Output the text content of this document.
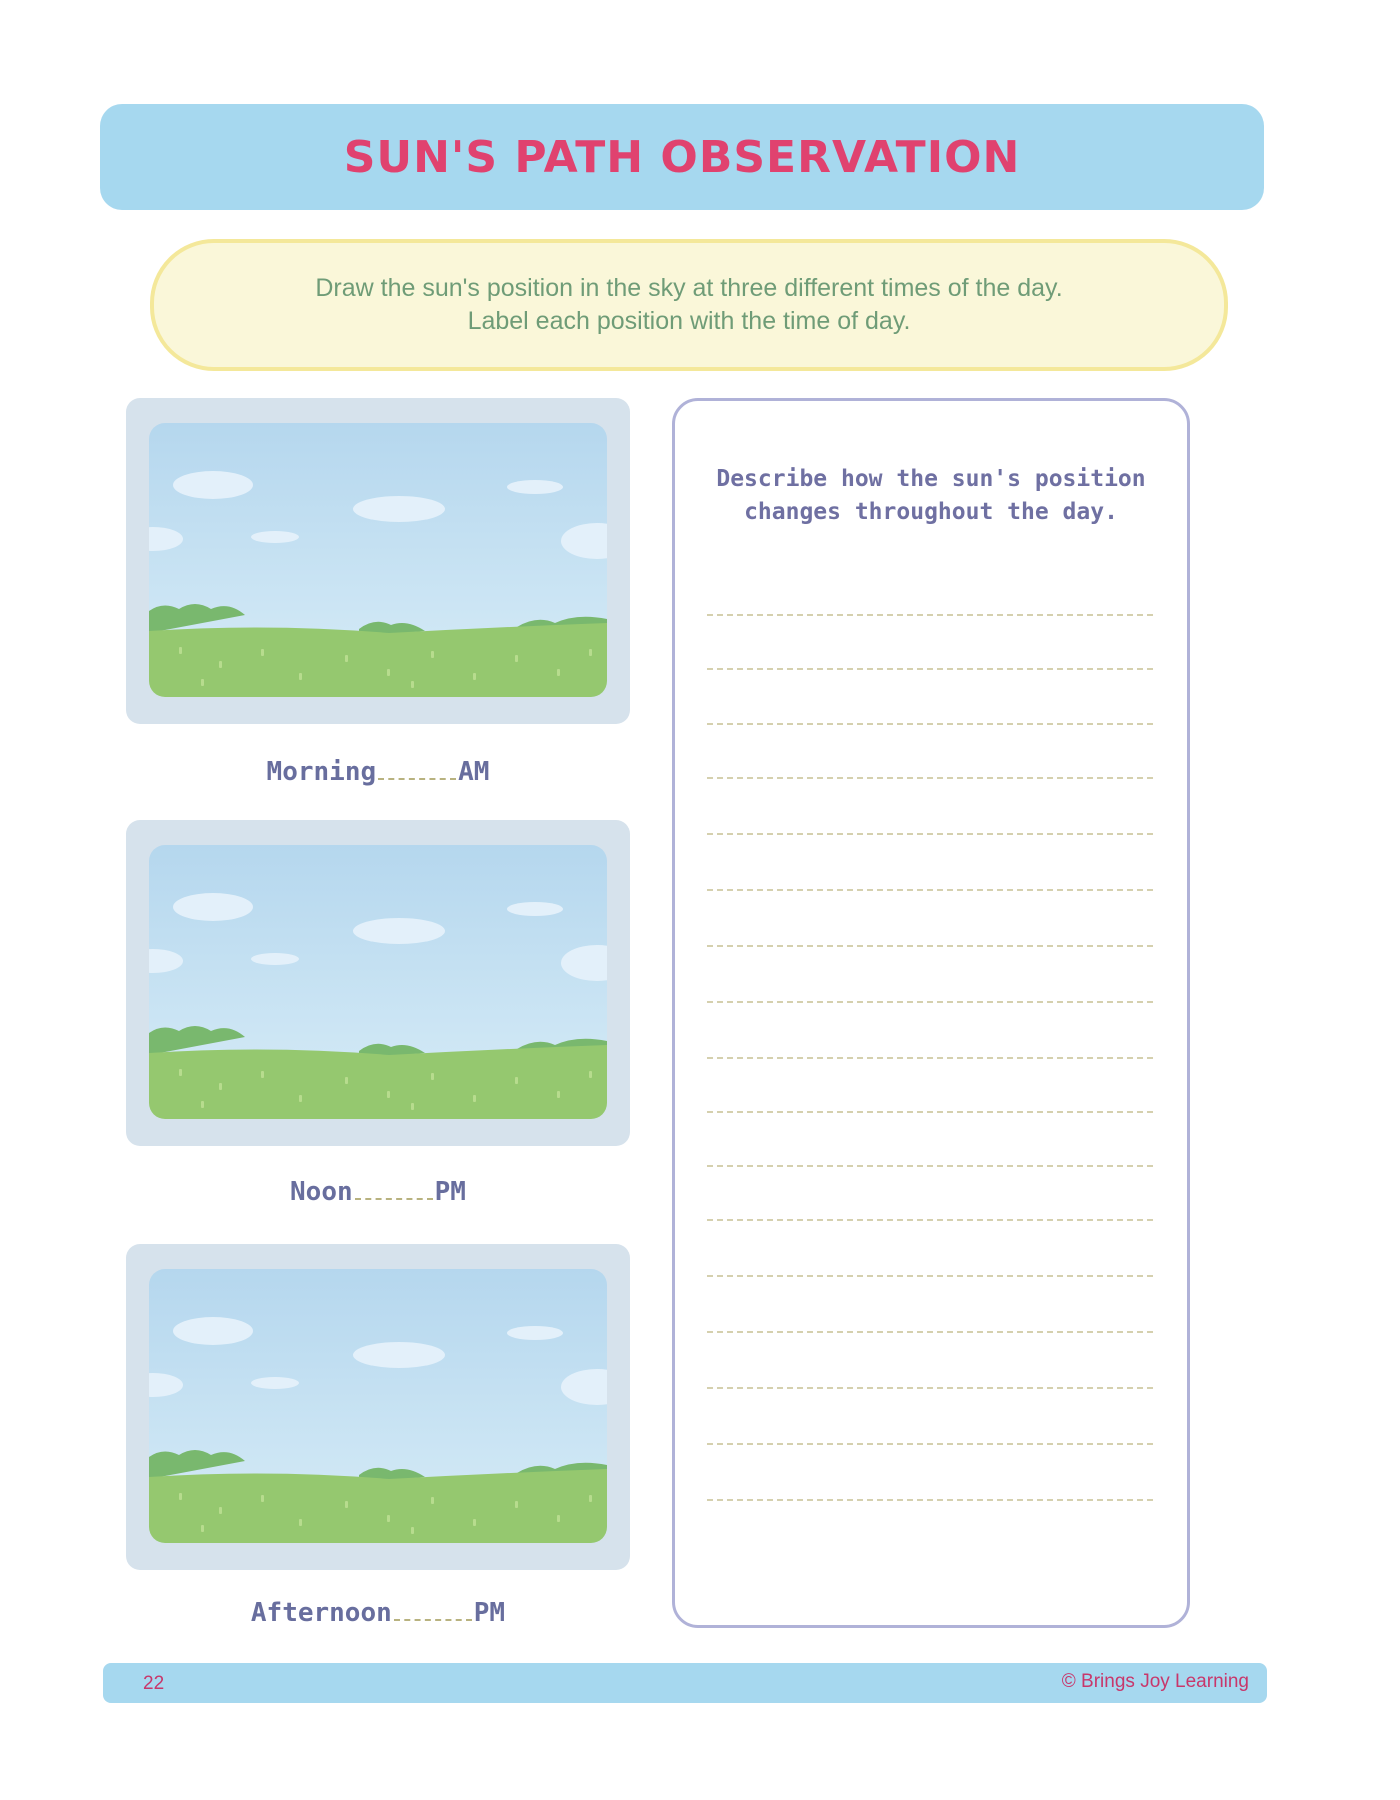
SUN'S PATH OBSERVATION
Draw the sun's position in the sky at three different times of the day.
Label each position with the time of day.
Morning	AM
Noon	PM
Afternoon	PM
Describe how the sun's position
changes throughout the day.
22	© Brings Joy Learning
